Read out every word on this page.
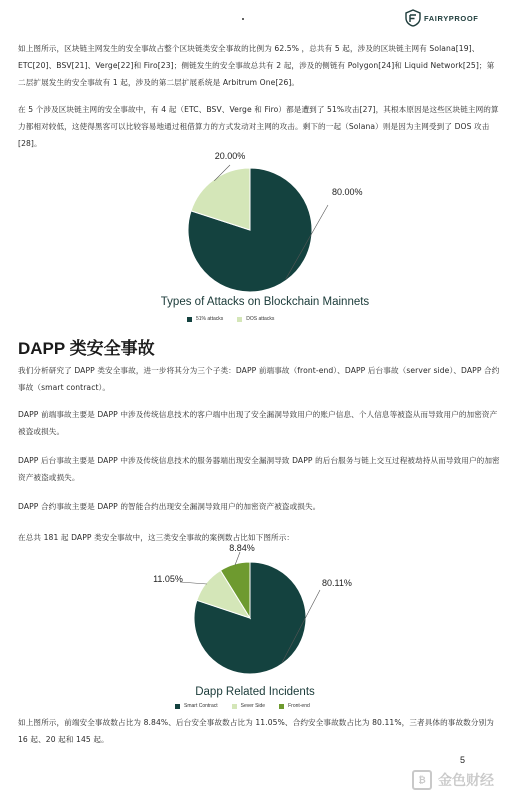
FAIRYPROOF

如上图所示，区块链主网发生的安全事故占整个区块链类安全事故的比例为 62.5% ，总共有 5 起，涉及的区块链主网有 Solana[19]、ETC[20]、BSV[21]、Verge[22]和 Firo[23]；侧链发生的安全事故总共有 2 起，涉及的侧链有 Polygon[24]和 Liquid Network[25]；第二层扩展发生的安全事故有 1 起，涉及的第二层扩展系统是 Arbitrum One[26]。

在 5 个涉及区块链主网的安全事故中，有 4 起（ETC、BSV、Verge 和 Firo）都是遭到了 51%攻击[27]，其根本原因是这些区块链主网的算力都相对较低，这使得黑客可以比较容易地通过租借算力的方式发动对主网的攻击。剩下的一起（Solana）则是因为主网受到了 DOS 攻击[28]。

80.00%
20.00%
Types of Attacks on Blockchain Mainnets
51% attacks	DOS attacks
DAPP 类安全事故

我们分析研究了 DAPP 类安全事故，进一步将其分为三个子类：DAPP 前端事故（front-end）、DAPP 后台事故（server side）、DAPP 合约事故（smart contract）。

DAPP 前端事故主要是 DAPP 中涉及传统信息技术的客户端中出现了安全漏洞导致用户的账户信息、个人信息等被盗从而导致用户的加密资产被盗或损失。

DAPP 后台事故主要是 DAPP 中涉及传统信息技术的服务器端出现安全漏洞导致 DAPP 的后台服务与链上交互过程被劫持从而导致用户的加密资产被盗或损失。

DAPP 合约事故主要是 DAPP 的智能合约出现安全漏洞导致用户的加密资产被盗或损失。

在总共 181 起 DAPP 类安全事故中，这三类安全事故的案例数占比如下图所示：

80.11%
11.05%
8.84%
Dapp Related Incidents
Smart Contract	Sever Side	Front-end

如上图所示，前端安全事故数占比为 8.84%、后台安全事故数占比为 11.05%、合约安全事故数占比为 80.11%，三者具体的事故数分别为 16 起、20 起和 145 起。

5
₿ 金色财经
